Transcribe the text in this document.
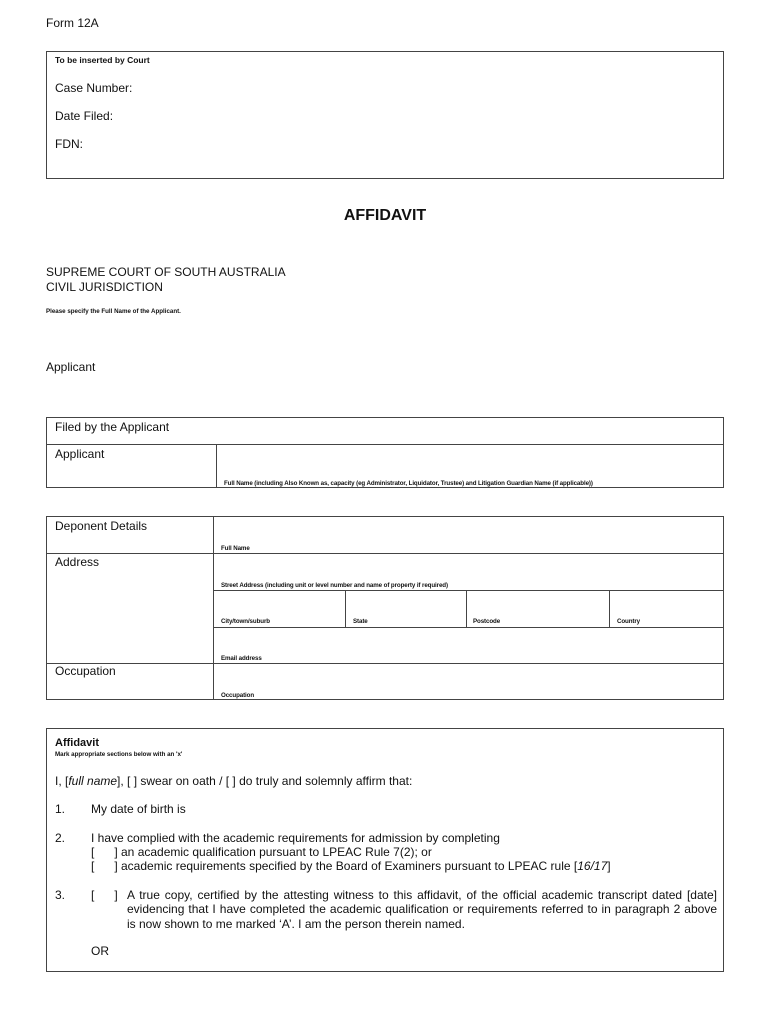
Form 12A
To be inserted by Court
Case Number:
Date Filed:
FDN:
AFFIDAVIT
SUPREME COURT OF SOUTH AUSTRALIA
CIVIL JURISDICTION
Please specify the Full Name of the Applicant.
Applicant
Filed by the Applicant
Applicant
Full Name (including Also Known as, capacity (eg Administrator, Liquidator, Trustee) and Litigation Guardian Name (if applicable))
Deponent Details
Full Name
Address
Street Address (including unit or level number and name of property if required)
City/town/suburb	State	Postcode	Country
Email address
Occupation
Occupation
Affidavit
Mark appropriate sections below with an 'x'
I, [full name], [ ] swear on oath / [ ] do truly and solemnly affirm that:
1. My date of birth is
2. I have complied with the academic requirements for admission by completing
[      ] an academic qualification pursuant to LPEAC Rule 7(2); or
[      ] academic requirements specified by the Board of Examiners pursuant to LPEAC rule [16/17]
3. [      ] A true copy, certified by the attesting witness to this affidavit, of the official academic transcript dated [date] evidencing that I have completed the academic qualification or requirements referred to in paragraph 2 above is now shown to me marked ‘A’. I am the person therein named.
OR
